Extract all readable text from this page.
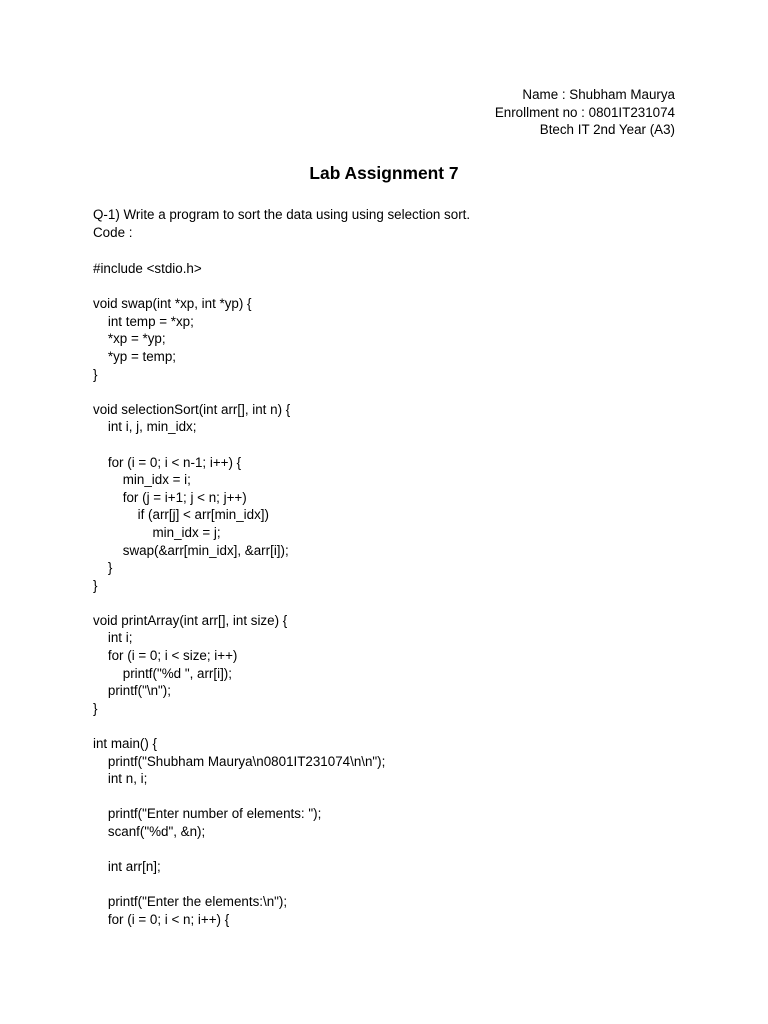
Name : Shubham Maurya
Enrollment no : 0801IT231074
Btech IT 2nd Year (A3)
Lab Assignment 7
Q-1) Write a program to sort the data using using selection sort.
Code :
#include <stdio.h>
void swap(int *xp, int *yp) {
int temp = *xp;
*xp = *yp;
*yp = temp;
}
void selectionSort(int arr[], int n) {
int i, j, min_idx;
for (i = 0; i < n-1; i++) {
min_idx = i;
for (j = i+1; j < n; j++)
if (arr[j] < arr[min_idx])
min_idx = j;
swap(&arr[min_idx], &arr[i]);
}
}
void printArray(int arr[], int size) {
int i;
for (i = 0; i < size; i++)
printf("%d ", arr[i]);
printf("\n");
}
int main() {
printf("Shubham Maurya\n0801IT231074\n\n");
int n, i;
printf("Enter number of elements: ");
scanf("%d", &n);
int arr[n];
printf("Enter the elements:\n");
for (i = 0; i < n; i++) {
